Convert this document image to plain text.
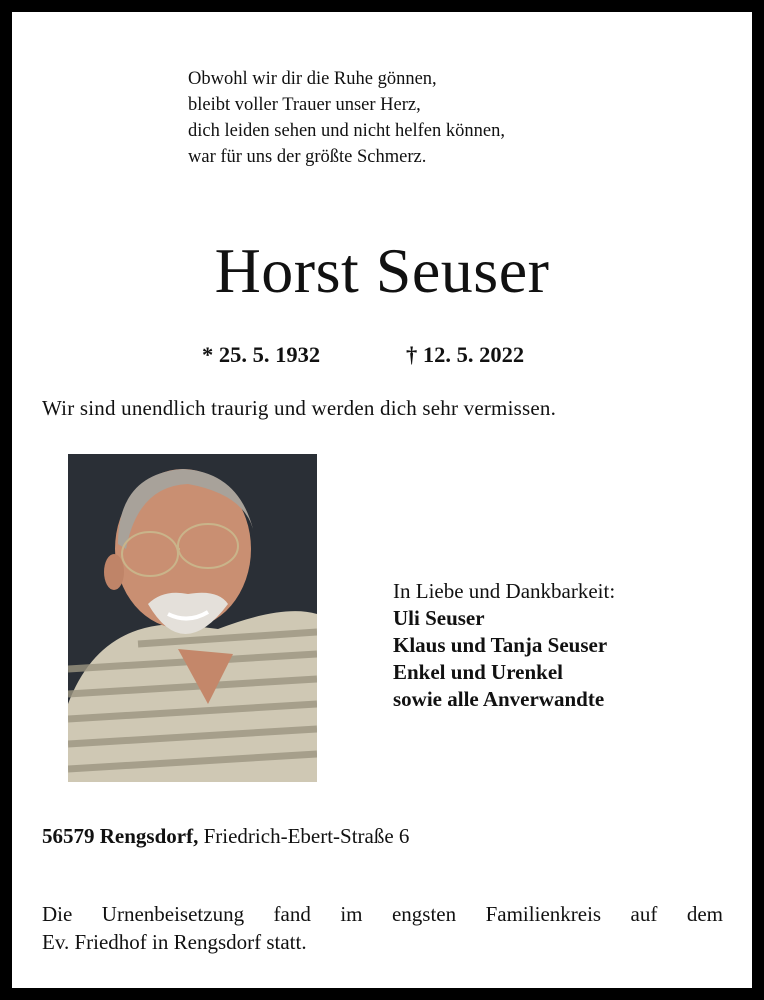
Obwohl wir dir die Ruhe gönnen,
bleibt voller Trauer unser Herz,
dich leiden sehen und nicht helfen können,
war für uns der größte Schmerz.
Horst Seuser
* 25. 5. 1932	† 12. 5. 2022
Wir sind unendlich traurig und werden dich sehr vermissen.
In Liebe und Dankbarkeit:
Uli Seuser
Klaus und Tanja Seuser
Enkel und Urenkel
sowie alle Anverwandte
56579 Rengsdorf, Friedrich-Ebert-Straße 6
Die Urnenbeisetzung fand im engsten Familienkreis auf dem
Ev. Friedhof in Rengsdorf statt.
